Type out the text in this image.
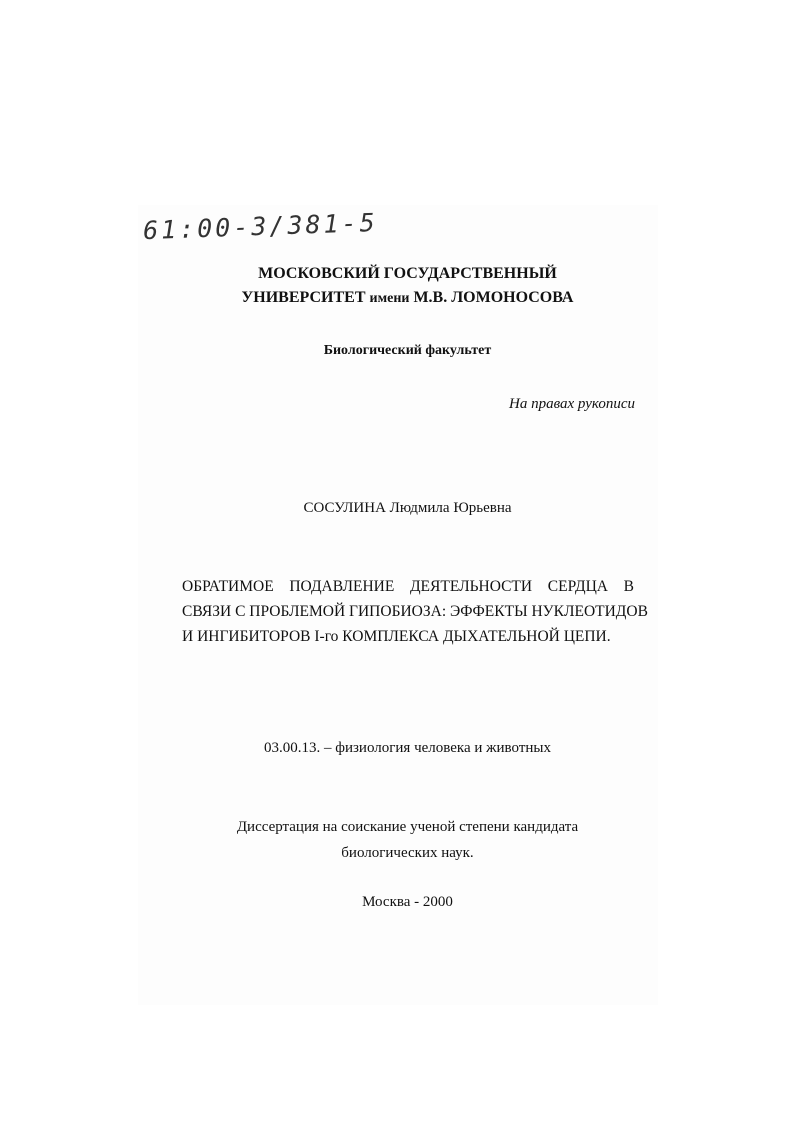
61:00-3/381-5
МОСКОВСКИЙ ГОСУДАРСТВЕННЫЙ
УНИВЕРСИТЕТ имени М.В. ЛОМОНОСОВА
Биологический факультет
На правах рукописи
СОСУЛИНА Людмила Юрьевна
ОБРАТИМОЕ ПОДАВЛЕНИЕ ДЕЯТЕЛЬНОСТИ СЕРДЦА В
СВЯЗИ С ПРОБЛЕМОЙ ГИПОБИОЗА: ЭФФЕКТЫ НУКЛЕОТИДОВ
И ИНГИБИТОРОВ I-го КОМПЛЕКСА ДЫХАТЕЛЬНОЙ ЦЕПИ.
03.00.13. – физиология человека и животных
Диссертация на соискание ученой степени кандидата
биологических наук.
Москва - 2000
